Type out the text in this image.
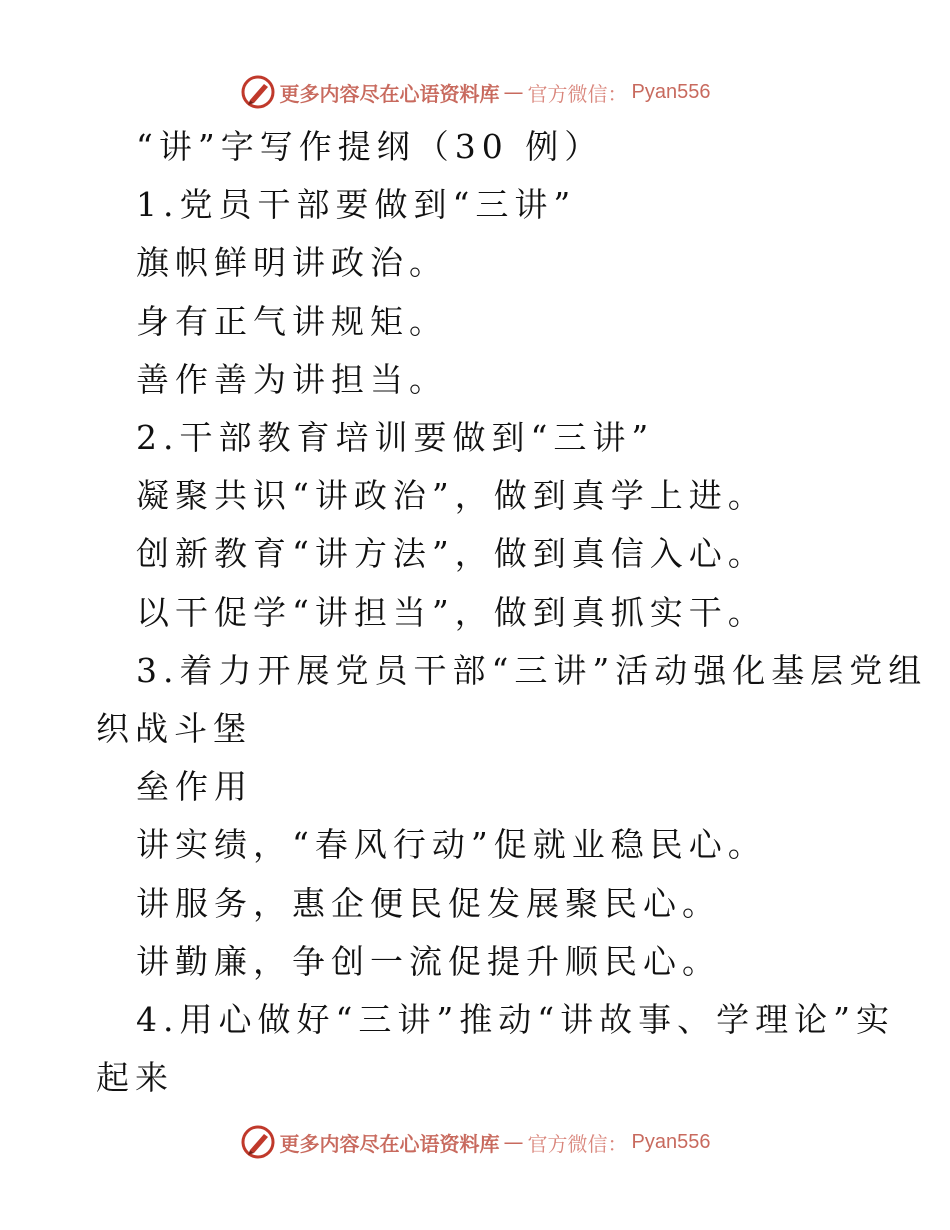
更多内容尽在心语资料库 — 官方微信： Pyan556

“讲”字写作提纲（30 例）

1.党员干部要做到“三讲”

旗帜鲜明讲政治。

身有正气讲规矩。

善作善为讲担当。

2.干部教育培训要做到“三讲”

凝聚共识“讲政治”，做到真学上进。

创新教育“讲方法”，做到真信入心。

以干促学“讲担当”，做到真抓实干。

3.着力开展党员干部“三讲”活动强化基层党组

织战斗堡

垒作用

讲实绩，“春风行动”促就业稳民心。

讲服务，惠企便民促发展聚民心。

讲勤廉，争创一流促提升顺民心。

4.用心做好“三讲”推动“讲故事、学理论”实

起来

更多内容尽在心语资料库 — 官方微信： Pyan556
